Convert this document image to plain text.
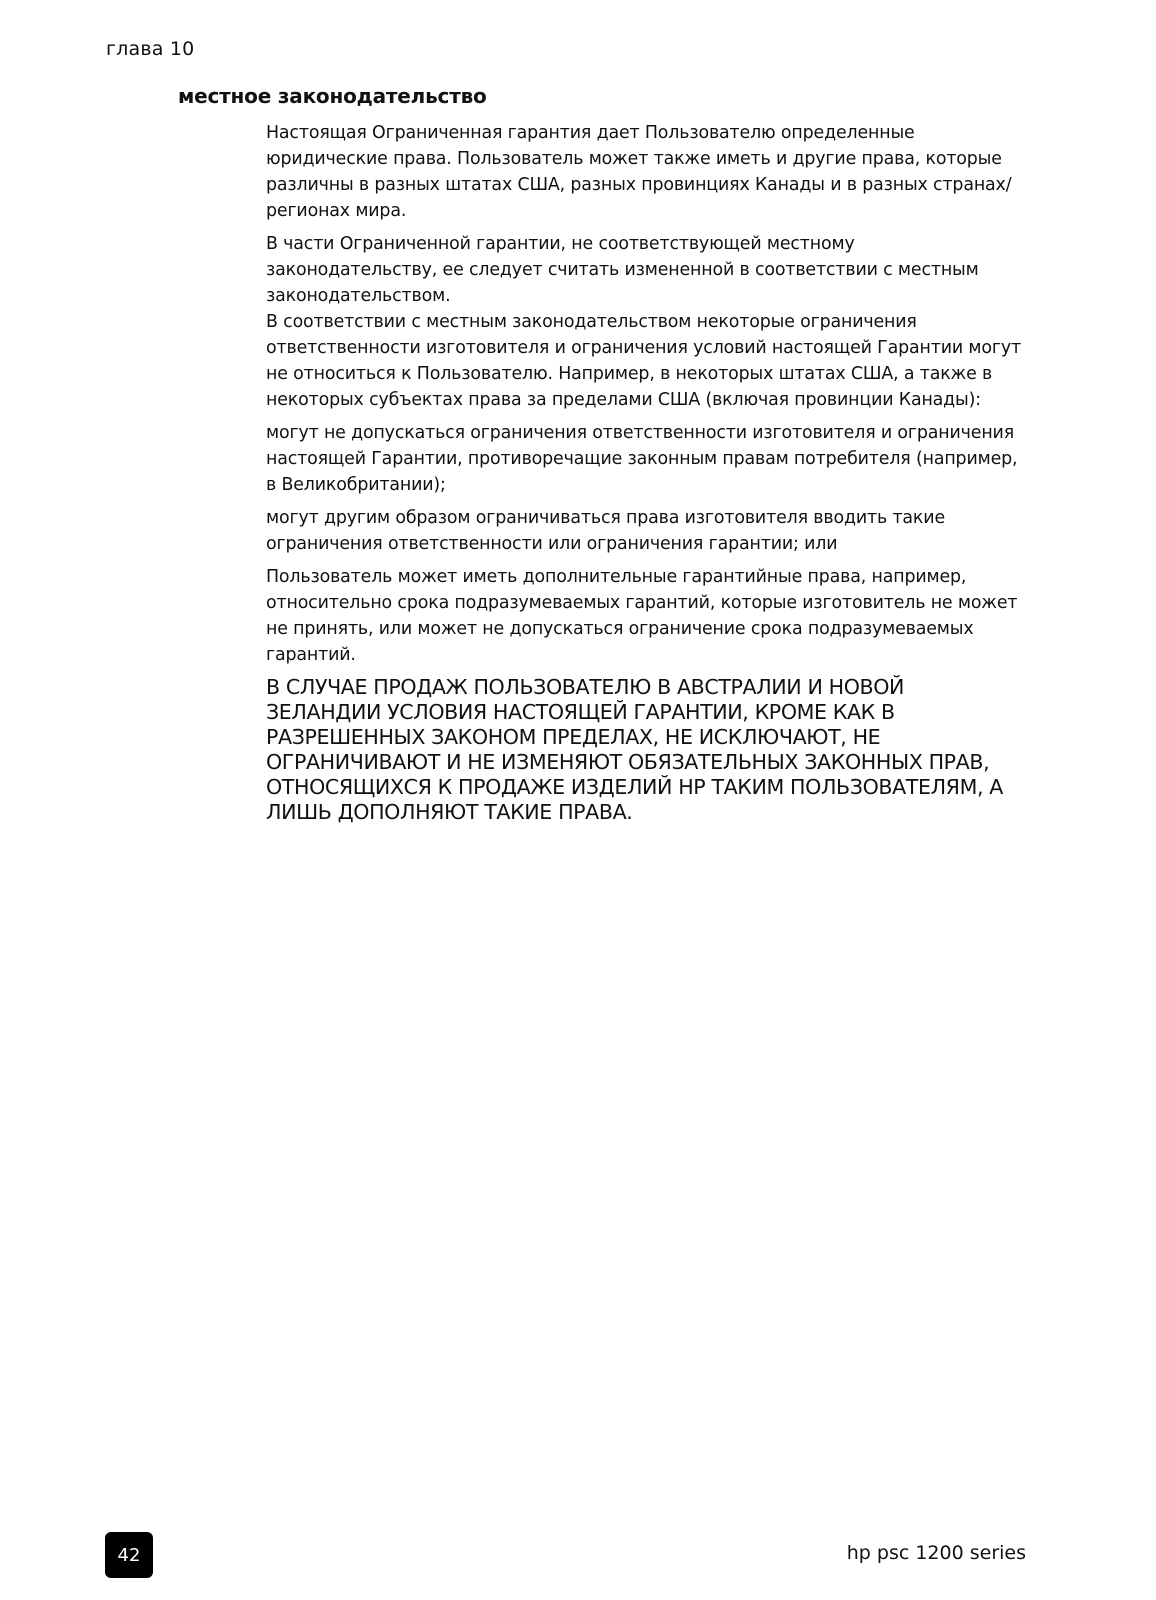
глава 10
местное законодательство

Настоящая Ограниченная гарантия дает Пользователю определенные юридические права. Пользователь может также иметь и другие права, которые различны в разных штатах США, разных провинциях Канады и в разных странах/регионах мира.

В части Ограниченной гарантии, не соответствующей местному законодательству, ее следует считать измененной в соответствии с местным законодательством.

В соответствии с местным законодательством некоторые ограничения ответственности изготовителя и ограничения условий настоящей Гарантии могут не относиться к Пользователю. Например, в некоторых штатах США, а также в некоторых субъектах права за пределами США (включая провинции Канады):

могут не допускаться ограничения ответственности изготовителя и ограничения настоящей Гарантии, противоречащие законным правам потребителя (например, в Великобритании);

могут другим образом ограничиваться права изготовителя вводить такие ограничения ответственности или ограничения гарантии; или

Пользователь может иметь дополнительные гарантийные права, например, относительно срока подразумеваемых гарантий, которые изготовитель не может не принять, или может не допускаться ограничение срока подразумеваемых гарантий.

В СЛУЧАЕ ПРОДАЖ ПОЛЬЗОВАТЕЛЮ В АВСТРАЛИИ И НОВОЙ ЗЕЛАНДИИ УСЛОВИЯ НАСТОЯЩЕЙ ГАРАНТИИ, КРОМЕ КАК В РАЗРЕШЕННЫХ ЗАКОНОМ ПРЕДЕЛАХ, НЕ ИСКЛЮЧАЮТ, НЕ ОГРАНИЧИВАЮТ И НЕ ИЗМЕНЯЮТ ОБЯЗАТЕЛЬНЫХ ЗАКОННЫХ ПРАВ, ОТНОСЯЩИХСЯ К ПРОДАЖЕ ИЗДЕЛИЙ HP ТАКИМ ПОЛЬЗОВАТЕЛЯМ, А ЛИШЬ ДОПОЛНЯЮТ ТАКИЕ ПРАВА.

42	hp psc 1200 series
